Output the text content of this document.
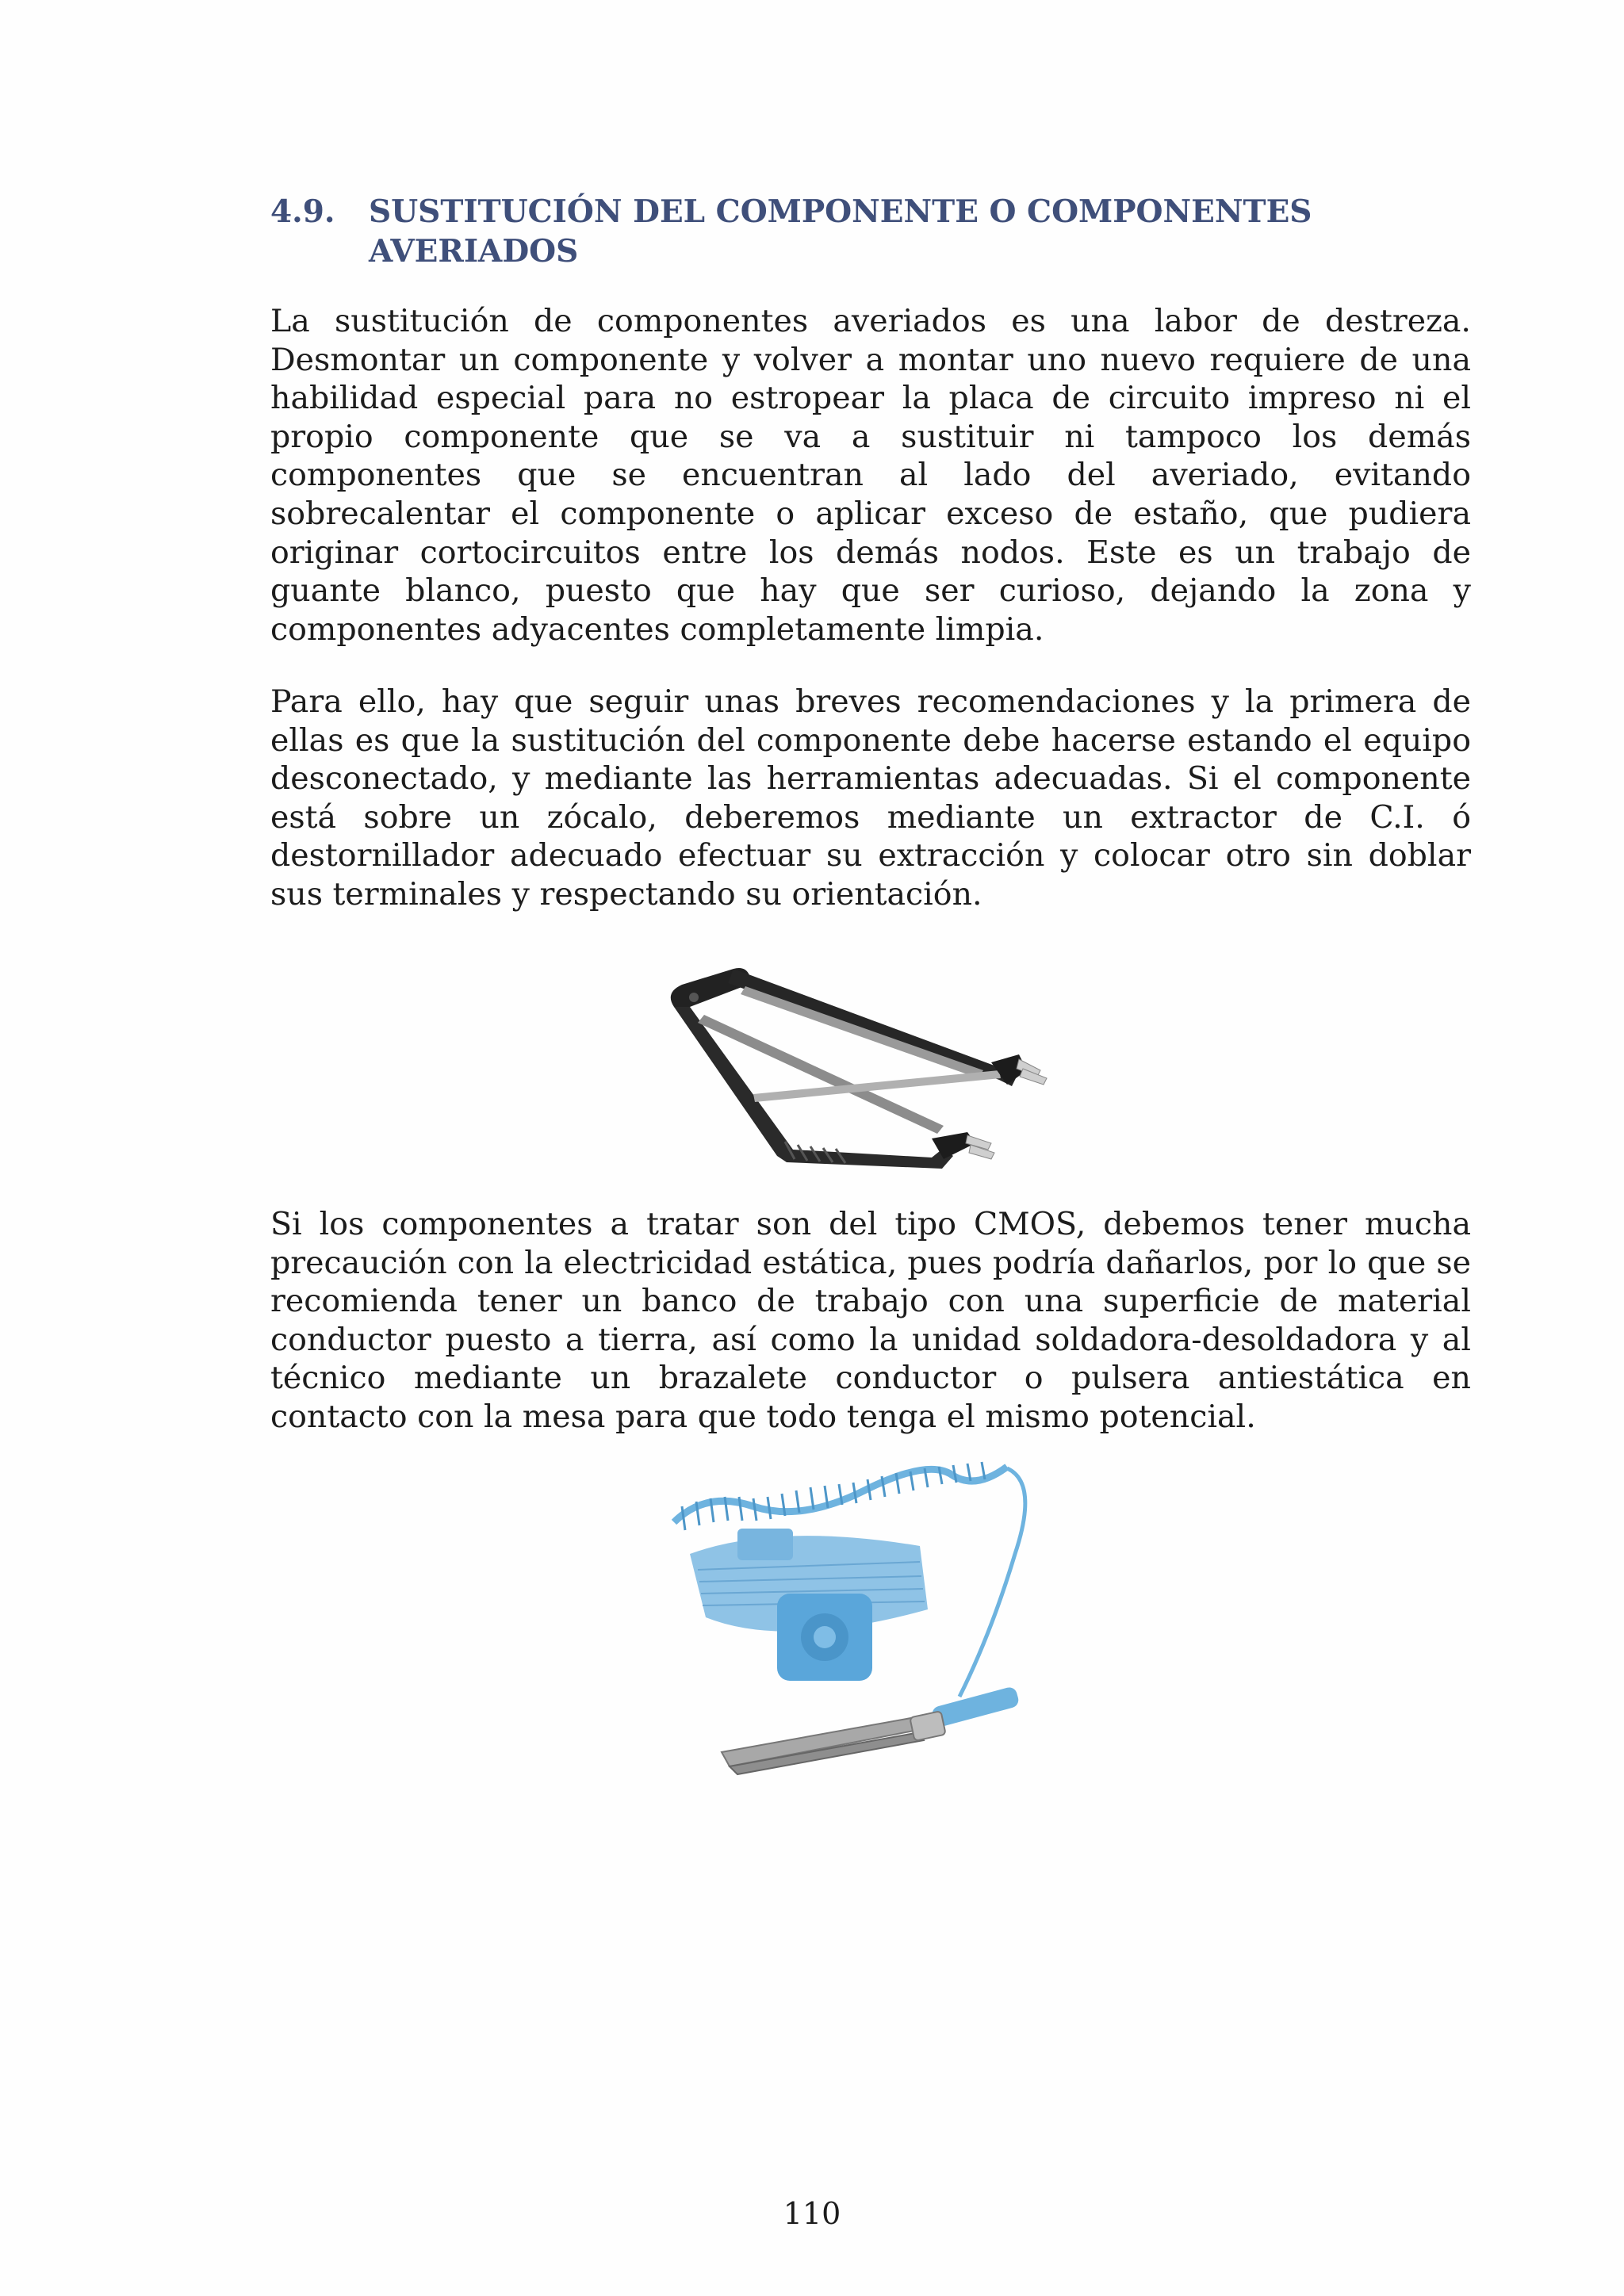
4.9.	SUSTITUCIÓN DEL COMPONENTE O COMPONENTES
AVERIADOS

La sustitución de componentes averiados es una labor de destreza. Desmontar un componente y volver a montar uno nuevo requiere de una habilidad especial para no estropear la placa de circuito impreso ni el propio componente que se va a sustituir ni tampoco los demás componentes que se encuentran al lado del averiado, evitando sobrecalentar el componente o aplicar exceso de estaño, que pudiera originar cortocircuitos entre los demás nodos. Este es un trabajo de guante blanco, puesto que hay que ser curioso, dejando la zona y componentes adyacentes completamente limpia.

Para ello, hay que seguir unas breves recomendaciones y la primera de ellas es que la sustitución del componente debe hacerse estando el equipo desconectado, y mediante las herramientas adecuadas. Si el componente está sobre un zócalo, deberemos mediante un extractor de C.I. ó destornillador adecuado efectuar su extracción y colocar otro sin doblar sus terminales y respectando su orientación.

Si los componentes a tratar son del tipo CMOS, debemos tener mucha precaución con la electricidad estática, pues podría dañarlos, por lo que se recomienda tener un banco de trabajo con una superficie de material conductor puesto a tierra, así como la unidad soldadora-desoldadora y al técnico mediante un brazalete conductor o pulsera antiestática en contacto con la mesa para que todo tenga el mismo potencial.

110
